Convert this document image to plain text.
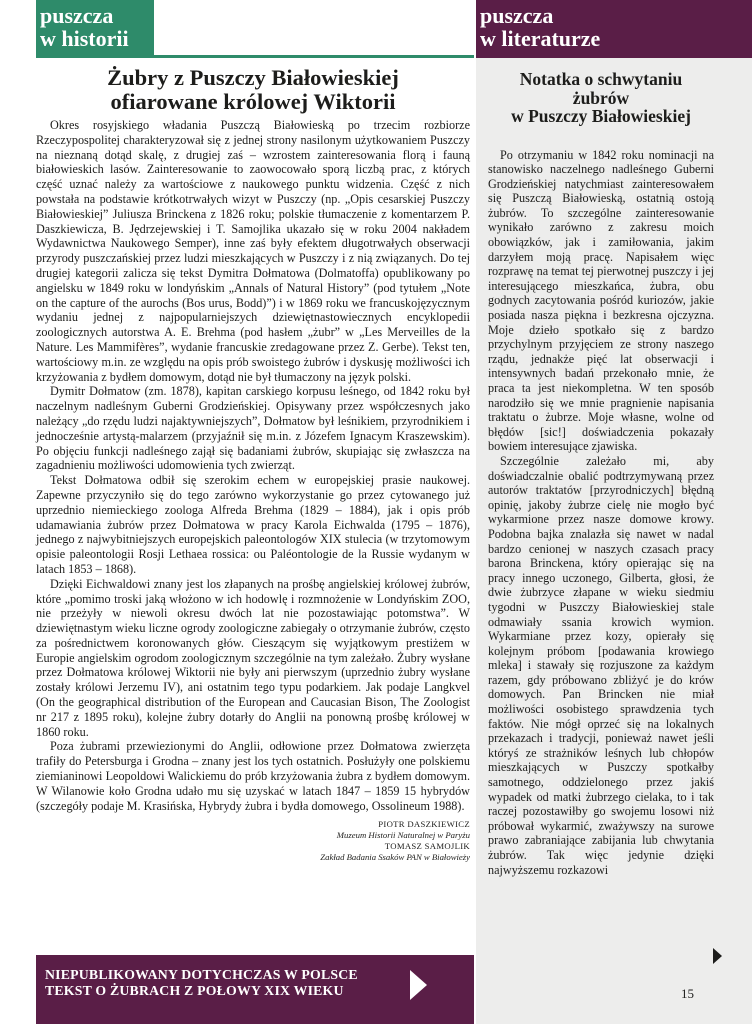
puszcza
w historii
puszcza
w literaturze
Żubry z Puszczy Białowieskiej
ofiarowane królowej Wiktorii

Okres rosyjskiego władania Puszczą Białowieską po trzecim rozbiorze Rzeczypospolitej charakteryzował się z jednej strony nasilonym użytkowaniem Puszczy na nieznaną dotąd skalę, z drugiej zaś – wzrostem zainteresowania florą i fauną białowieskich lasów. Zainteresowanie to zaowocowało sporą liczbą prac, z których część uznać należy za wartościowe z naukowego punktu widzenia. Część z nich powstała na podstawie krótkotrwałych wizyt w Puszczy (np. „Opis cesarskiej Puszczy Białowieskiej” Juliusza Brinckena z 1826 roku; polskie tłumaczenie z komentarzem P. Daszkiewicza, B. Jędrzejewskiej i T. Samojlika ukazało się w roku 2004 nakładem Wydawnictwa Naukowego Semper), inne zaś były efektem długotrwałych obserwacji przyrody puszczańskiej przez ludzi mieszkających w Puszczy i z nią związanych. Do tej drugiej kategorii zalicza się tekst Dymitra Dołmatowa (Dolmatoffa) opublikowany po angielsku w 1849 roku w londyńskim „Annals of Natural History” (pod tytułem „Note on the capture of the aurochs (Bos urus, Bodd)”) i w 1869 roku we francuskojęzycznym wydaniu jednej z najpopularniejszych dziewiętnastowiecznych encyklopedii zoologicznych autorstwa A. E. Brehma (pod hasłem „żubr” w „Les Merveilles de la Nature. Les Mammifères”, wydanie francuskie zredagowane przez Z. Gerbe). Tekst ten, wartościowy m.in. ze względu na opis prób swoistego żubrów i dyskusję możliwości ich krzyżowania z bydłem domowym, dotąd nie był tłumaczony na język polski.

Dymitr Dołmatow (zm. 1878), kapitan carskiego korpusu leśnego, od 1842 roku był naczelnym nadleśnym Guberni Grodzieńskiej. Opisywany przez współczesnych jako należący „do rzędu ludzi najaktywniejszych”, Dołmatow był leśnikiem, przyrodnikiem i jednocześnie artystą-malarzem (przyjaźnił się m.in. z Józefem Ignacym Kraszewskim). Po objęciu funkcji nadleśnego zajął się badaniami żubrów, skupiając się zwłaszcza na zagadnieniu możliwości udomowienia tych zwierząt.

Tekst Dołmatowa odbił się szerokim echem w europejskiej prasie naukowej. Zapewne przyczyniło się do tego zarówno wykorzystanie go przez cytowanego już uprzednio niemieckiego zoologa Alfreda Brehma (1829 – 1884), jak i opis prób udamawiania żubrów przez Dołmatowa w pracy Karola Eichwalda (1795 – 1876), jednego z najwybitniejszych europejskich paleontologów XIX stulecia (w trzytomowym opisie paleontologii Rosji Lethaea rossica: ou Paléontologie de la Russie wydanym w latach 1853 – 1868).

Dzięki Eichwaldowi znany jest los złapanych na prośbę angielskiej królowej żubrów, które „pomimo troski jaką włożono w ich hodowlę i rozmnożenie w Londyńskim ZOO, nie przeżyły w niewoli okresu dwóch lat nie pozostawiając potomstwa”. W dziewiętnastym wieku liczne ogrody zoologiczne zabiegały o otrzymanie żubrów, często za pośrednictwem koronowanych głów. Cieszącym się wyjątkowym prestiżem w Europie angielskim ogrodom zoologicznym szczególnie na tym zależało. Żubry wysłane przez Dołmatowa królowej Wiktorii nie były ani pierwszym (uprzednio żubry wysłane zostały królowi Jerzemu IV), ani ostatnim tego typu podarkiem. Jak podaje Langkvel (On the geographical distribution of the European and Caucasian Bison, The Zoologist nr 217 z 1895 roku), kolejne żubry dotarły do Anglii na ponowną prośbę królowej w 1860 roku.

Poza żubrami przewiezionymi do Anglii, odłowione przez Dołmatowa zwierzęta trafiły do Petersburga i Grodna – znany jest los tych ostatnich. Posłużyły one polskiemu ziemianinowi Leopoldowi Walickiemu do prób krzyżowania żubra z bydłem domowym. W Wilanowie koło Grodna udało mu się uzyskać w latach 1847 – 1859 15 hybrydów (szczegóły podaje M. Krasińska, Hybrydy żubra i bydła domowego, Ossolineum 1988).

PIOTR DASZKIEWICZ
Muzeum Historii Naturalnej w Paryżu
TOMASZ SAMOJLIK
Zakład Badania Ssaków PAN w Białowieży
Notatka o schwytaniu
żubrów
w Puszczy Białowieskiej

Po otrzymaniu w 1842 roku nominacji na stanowisko naczelnego nadleśnego Guberni Grodzieńskiej natychmiast zainteresowałem się Puszczą Białowieską, ostatnią ostoją żubrów. To szczególne zainteresowanie wynikało zarówno z zakresu moich obowiązków, jak i zamiłowania, jakim darzyłem moją pracę. Napisałem więc rozprawę na temat tej pierwotnej puszczy i jej interesującego mieszkańca, żubra, obu godnych zacytowania pośród kuriozów, jakie posiada nasza piękna i bezkresna ojczyzna. Moje dzieło spotkało się z bardzo przychylnym przyjęciem ze strony naszego rządu, jednakże pięć lat obserwacji i intensywnych badań przekonało mnie, że praca ta jest niekompletna. W ten sposób narodziło się we mnie pragnienie napisania traktatu o żubrze. Moje własne, wolne od błędów [sic!] doświadczenia pokazały bowiem interesujące zjawiska.

Szczególnie zależało mi, aby doświadczalnie obalić podtrzymywaną przez autorów traktatów [przyrodniczych] błędną opinię, jakoby żubrze cielę nie mogło być wykarmione przez nasze domowe krowy. Podobna bajka znalazła się nawet w nadal bardzo cenionej w naszych czasach pracy barona Brinckena, który opierając się na pracy innego uczonego, Gilberta, głosi, że dwie żubrzyce złapane w wieku siedmiu tygodni w Puszczy Białowieskiej stale odmawiały ssania krowich wymion. Wykarmiane przez kozy, opierały się kolejnym próbom [podawania krowiego mleka] i stawały się rozjuszone za każdym razem, gdy próbowano zbliżyć je do krów domowych. Pan Brincken nie miał możliwości osobistego sprawdzenia tych faktów. Nie mógł oprzeć się na lokalnych przekazach i tradycji, ponieważ nawet jeśli któryś ze strażników leśnych lub chłopów mieszkających w Puszczy spotkałby samotnego, oddzielonego przez jakiś wypadek od matki żubrzego cielaka, to i tak raczej pozostawiłby go swojemu losowi niż próbował wykarmić, zważywszy na surowe prawo zabraniające zabijania lub chwytania żubrów. Tak więc jedynie dzięki najwyższemu rozkazowi

15
NIEPUBLIKOWANY DOTYCHCZAS W POLSCE
TEKST O ŻUBRACH Z POŁOWY XIX WIEKU
